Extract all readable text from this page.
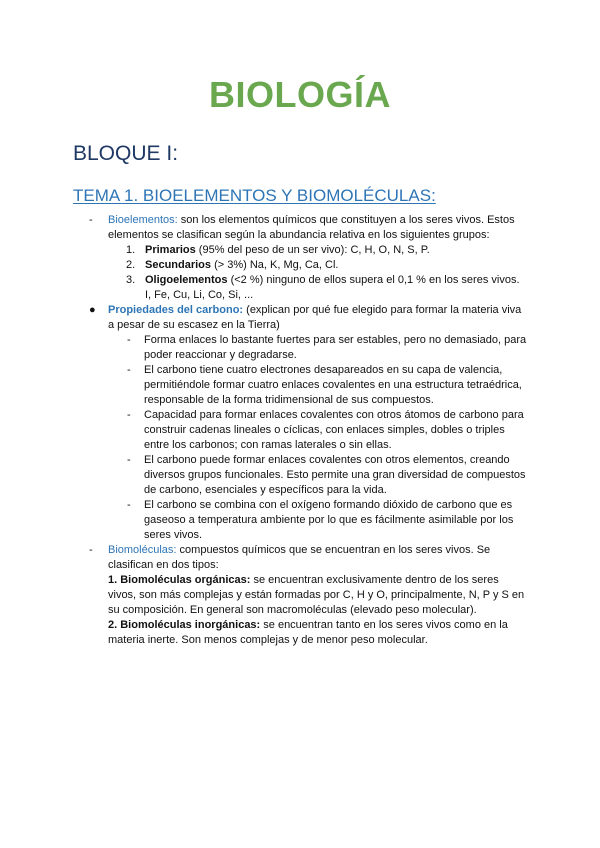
BIOLOGÍA
BLOQUE I:
TEMA 1. BIOELEMENTOS Y BIOMOLÉCULAS:
- Bioelementos: son los elementos químicos que constituyen a los seres vivos. Estos elementos se clasifican según la abundancia relativa en los siguientes grupos:
1. Primarios (95% del peso de un ser vivo): C, H, O, N, S, P.
2. Secundarios (> 3%) Na, K, Mg, Ca, Cl.
3. Oligoelementos (<2 %) ninguno de ellos supera el 0,1 % en los seres vivos. I, Fe, Cu, Li, Co, Si, ...
● Propiedades del carbono: (explican por qué fue elegido para formar la materia viva a pesar de su escasez en la Tierra)
- Forma enlaces lo bastante fuertes para ser estables, pero no demasiado, para poder reaccionar y degradarse.
- El carbono tiene cuatro electrones desapareados en su capa de valencia, permitiéndole formar cuatro enlaces covalentes en una estructura tetraédrica, responsable de la forma tridimensional de sus compuestos.
- Capacidad para formar enlaces covalentes con otros átomos de carbono para construir cadenas lineales o cíclicas, con enlaces simples, dobles o triples entre los carbonos; con ramas laterales o sin ellas.
- El carbono puede formar enlaces covalentes con otros elementos, creando diversos grupos funcionales. Esto permite una gran diversidad de compuestos de carbono, esenciales y específicos para la vida.
- El carbono se combina con el oxígeno formando dióxido de carbono que es gaseoso a temperatura ambiente por lo que es fácilmente asimilable por los seres vivos.
- Biomoléculas: compuestos químicos que se encuentran en los seres vivos. Se clasifican en dos tipos:
1. Biomoléculas orgánicas: se encuentran exclusivamente dentro de los seres vivos, son más complejas y están formadas por C, H y O, principalmente, N, P y S en su composición. En general son macromoléculas (elevado peso molecular).
2. Biomoléculas inorgánicas: se encuentran tanto en los seres vivos como en la materia inerte. Son menos complejas y de menor peso molecular.
